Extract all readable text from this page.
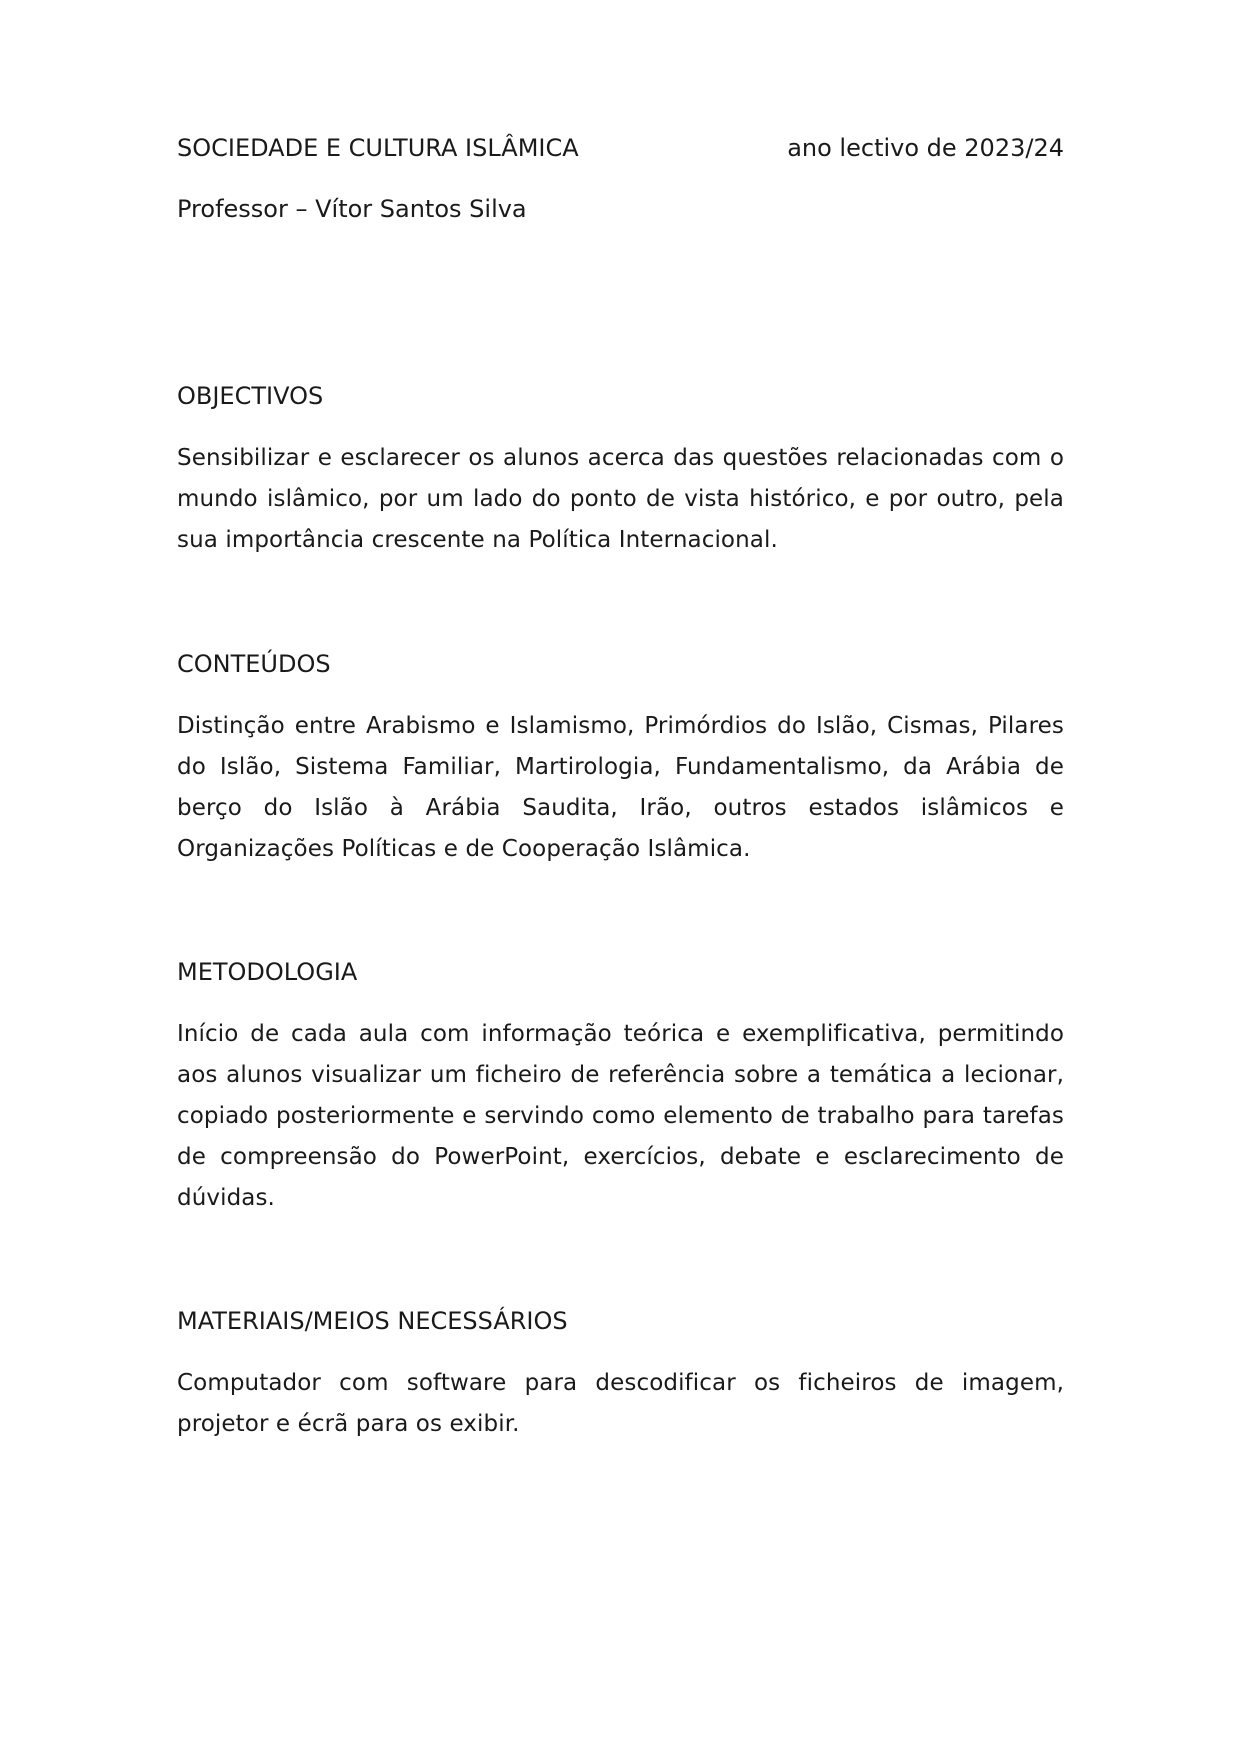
SOCIEDADE E CULTURA ISLÂMICA	ano lectivo de 2023/24
Professor – Vítor Santos Silva
OBJECTIVOS
Sensibilizar e esclarecer os alunos acerca das questões relacionadas com o mundo islâmico, por um lado do ponto de vista histórico, e por outro, pela sua importância crescente na Política Internacional.
CONTEÚDOS
Distinção entre Arabismo e Islamismo, Primórdios do Islão, Cismas, Pilares do Islão, Sistema Familiar, Martirologia, Fundamentalismo, da Arábia de berço do Islão à Arábia Saudita, Irão, outros estados islâmicos e Organizações Políticas e de Cooperação Islâmica.
METODOLOGIA
Início de cada aula com informação teórica e exemplificativa, permitindo aos alunos visualizar um ficheiro de referência sobre a temática a lecionar, copiado posteriormente e servindo como elemento de trabalho para tarefas de compreensão do PowerPoint, exercícios, debate e esclarecimento de dúvidas.
MATERIAIS/MEIOS NECESSÁRIOS
Computador com software para descodificar os ficheiros de imagem, projetor e écrã para os exibir.
